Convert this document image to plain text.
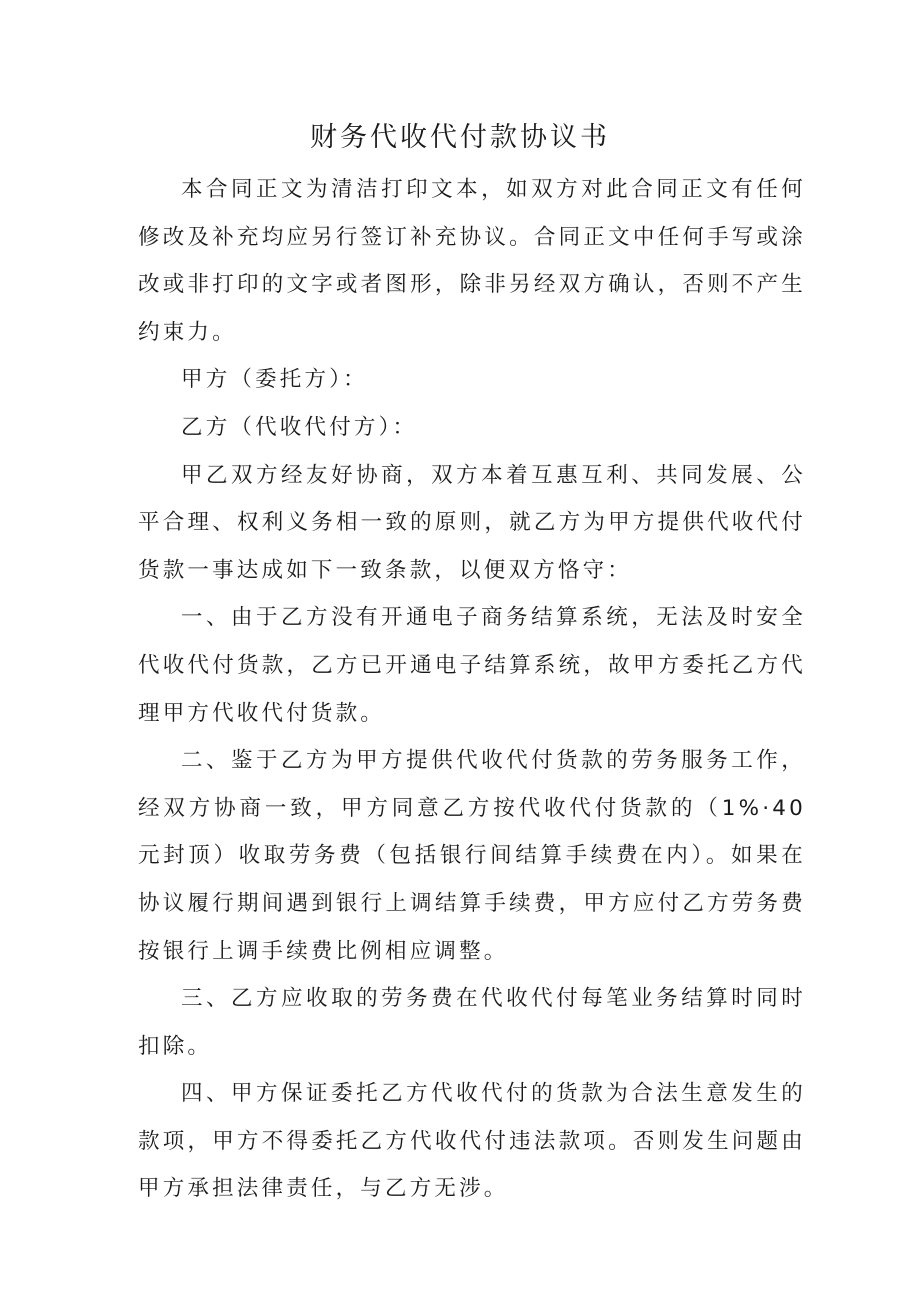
财务代收代付款协议书

本合同正文为清洁打印文本，如双方对此合同正文有任何修改及补充均应另行签订补充协议。合同正文中任何手写或涂改或非打印的文字或者图形，除非另经双方确认，否则不产生约束力。

甲方（委托方）：

乙方（代收代付方）：

甲乙双方经友好协商，双方本着互惠互利、共同发展、公平合理、权利义务相一致的原则，就乙方为甲方提供代收代付货款一事达成如下一致条款，以便双方恪守：

一、由于乙方没有开通电子商务结算系统，无法及时安全代收代付货款，乙方已开通电子结算系统，故甲方委托乙方代理甲方代收代付货款。

二、鉴于乙方为甲方提供代收代付货款的劳务服务工作，经双方协商一致，甲方同意乙方按代收代付货款的（1%·40元封顶）收取劳务费（包括银行间结算手续费在内）。如果在协议履行期间遇到银行上调结算手续费，甲方应付乙方劳务费按银行上调手续费比例相应调整。

三、乙方应收取的劳务费在代收代付每笔业务结算时同时扣除。

四、甲方保证委托乙方代收代付的货款为合法生意发生的款项，甲方不得委托乙方代收代付违法款项。否则发生问题由甲方承担法律责任，与乙方无涉。
